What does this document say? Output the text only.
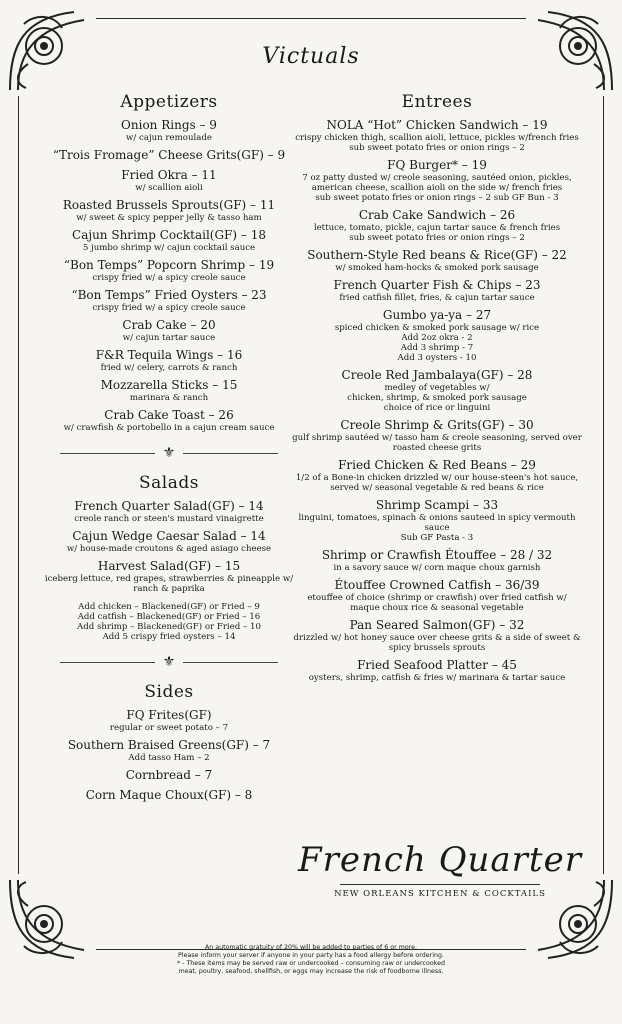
Victuals
Appetizers
Onion Rings – 9
w/ cajun remoulade
“Trois Fromage” Cheese Grits(GF) – 9
Fried Okra – 11
w/ scallion aioli
Roasted Brussels Sprouts(GF) – 11
w/ sweet & spicy pepper jelly & tasso ham
Cajun Shrimp Cocktail(GF) – 18
5 jumbo shrimp w/ cajun cocktail sauce
“Bon Temps” Popcorn Shrimp – 19
crispy fried w/ a spicy creole sauce
“Bon Temps” Fried Oysters – 23
crispy fried w/ a spicy creole sauce
Crab Cake – 20
w/ cajun tartar sauce
F&R Tequila Wings – 16
fried w/ celery, carrots & ranch
Mozzarella Sticks – 15
marinara & ranch
Crab Cake Toast – 26
w/ crawfish & portobello in a cajun cream sauce
⚜
Salads
French Quarter Salad(GF) – 14
creole ranch or steen's mustard vinaigrette
Cajun Wedge Caesar Salad – 14
w/ house-made croutons & aged asiago cheese
Harvest Salad(GF) – 15
iceberg lettuce, red grapes, strawberries & pineapple w/ ranch & paprika
Add chicken – Blackened(GF) or Fried – 9
Add catfish – Blackened(GF) or Fried – 16
Add shrimp – Blackened(GF) or Fried – 10
Add 5 crispy fried oysters – 14
⚜
Sides
FQ Frites(GF)
regular or sweet potato – 7
Southern Braised Greens(GF) – 7
Add tasso Ham – 2
Cornbread – 7
Corn Maque Choux(GF) – 8
Entrees
NOLA “Hot” Chicken Sandwich – 19
crispy chicken thigh, scallion aioli, lettuce, pickles w/french fries
sub sweet potato fries or onion rings – 2
FQ Burger* – 19
7 oz patty dusted w/ creole seasoning, sautéed onion, pickles, american cheese, scallion aioli on the side w/ french fries
sub sweet potato fries or onion rings – 2 sub GF Bun - 3
Crab Cake Sandwich – 26
lettuce, tomato, pickle, cajun tartar sauce & french fries
sub sweet potato fries or onion rings – 2
Southern-Style Red beans & Rice(GF) – 22
w/ smoked ham-hocks & smoked pork sausage
French Quarter Fish & Chips – 23
fried catfish fillet, fries, & cajun tartar sauce
Gumbo ya-ya – 27
spiced chicken & smoked pork sausage w/ rice
Add 2oz okra - 2
Add 3 shrimp - 7
Add 3 oysters - 10
Creole Red Jambalaya(GF) – 28
medley of vegetables w/
chicken, shrimp, & smoked pork sausage
choice of rice or linguini
Creole Shrimp & Grits(GF) – 30
gulf shrimp sautéed w/ tasso ham & creole seasoning, served over roasted cheese grits
Fried Chicken & Red Beans – 29
1/2 of a Bone-in chicken drizzled w/ our house-steen's hot sauce, served w/ seasonal vegetable & red beans & rice
Shrimp Scampi – 33
linguini, tomatoes, spinach & onions sauteed in spicy vermouth sauce
Sub GF Pasta - 3
Shrimp or Crawfish Étouffee – 28 / 32
in a savory sauce w/ corn maque choux garnish
Étouffee Crowned Catfish – 36/39
etouffee of choice (shrimp or crawfish) over fried catfish w/ maque choux rice & seasonal vegetable
Pan Seared Salmon(GF) – 32
drizzled w/ hot honey sauce over cheese grits & a side of sweet & spicy brussels sprouts
Fried Seafood Platter – 45
oysters, shrimp, catfish & fries w/ marinara & tartar sauce
French Quarter
NEW ORLEANS KITCHEN & COCKTAILS
An automatic gratuity of 20% will be added to parties of 6 or more.
Please inform your server if anyone in your party has a food allergy before ordering.
* - These items may be served raw or undercooked – consuming raw or undercooked
meat, poultry, seafood, shellfish, or eggs may increase the risk of foodborne illness.
